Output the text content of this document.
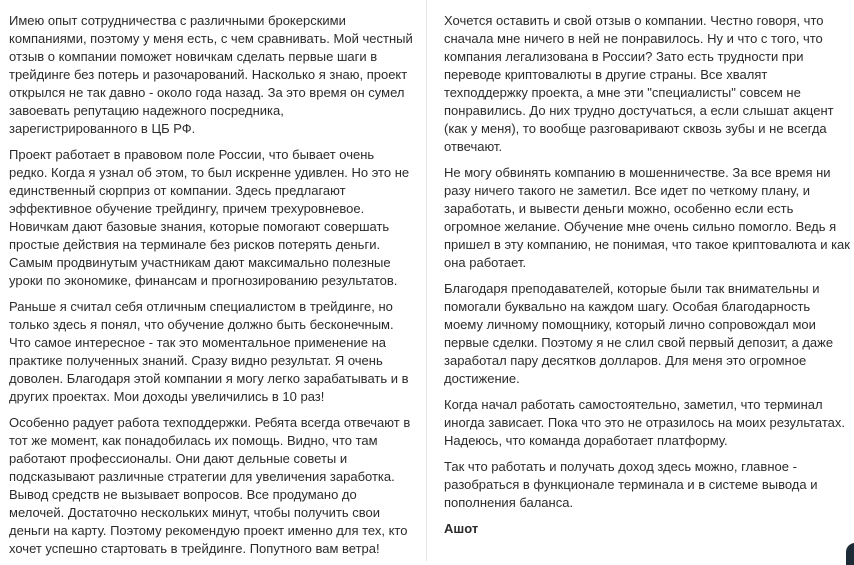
Имею опыт сотрудничества с различными брокерскими компаниями, поэтому у меня есть, с чем сравнивать. Мой честный отзыв о компании поможет новичкам сделать первые шаги в трейдинге без потерь и разочарований. Насколько я знаю, проект открылся не так давно - около года назад. За это время он сумел завоевать репутацию надежного посредника, зарегистрированного в ЦБ РФ.

Проект работает в правовом поле России, что бывает очень редко. Когда я узнал об этом, то был искренне удивлен. Но это не единственный сюрприз от компании. Здесь предлагают эффективное обучение трейдингу, причем трехуровневое. Новичкам дают базовые знания, которые помогают совершать простые действия на терминале без рисков потерять деньги. Самым продвинутым участникам дают максимально полезные уроки по экономике, финансам и прогнозированию результатов.

Раньше я считал себя отличным специалистом в трейдинге, но только здесь я понял, что обучение должно быть бесконечным. Что самое интересное - так это моментальное применение на практике полученных знаний. Сразу видно результат. Я очень доволен. Благодаря этой компании я могу легко зарабатывать и в других проектах. Мои доходы увеличились в 10 раз!

Особенно радует работа техподдержки. Ребята всегда отвечают в тот же момент, как понадобилась их помощь. Видно, что там работают профессионалы. Они дают дельные советы и подсказывают различные стратегии для увеличения заработка. Вывод средств не вызывает вопросов. Все продумано до мелочей. Достаточно нескольких минут, чтобы получить свои деньги на карту. Поэтому рекомендую проект именно для тех, кто хочет успешно стартовать в трейдинге. Попутного вам ветра!

Хочется оставить и свой отзыв о компании. Честно говоря, что сначала мне ничего в ней не понравилось. Ну и что с того, что компания легализована в России? Зато есть трудности при переводе криптовалюты в другие страны. Все хвалят техподдержку проекта, а мне эти "специалисты" совсем не понравились. До них трудно достучаться, а если слышат акцент (как у меня), то вообще разговаривают сквозь зубы и не всегда отвечают.

Не могу обвинять компанию в мошенничестве. За все время ни разу ничего такого не заметил. Все идет по четкому плану, и заработать, и вывести деньги можно, особенно если есть огромное желание. Обучение мне очень сильно помогло. Ведь я пришел в эту компанию, не понимая, что такое криптовалюта и как она работает.

Благодаря преподавателей, которые были так внимательны и помогали буквально на каждом шагу. Особая благодарность моему личному помощнику, который лично сопровождал мои первые сделки. Поэтому я не слил свой первый депозит, а даже заработал пару десятков долларов. Для меня это огромное достижение.

Когда начал работать самостоятельно, заметил, что терминал иногда зависает. Пока что это не отразилось на моих результатах. Надеюсь, что команда доработает платформу.

Так что работать и получать доход здесь можно, главное - разобраться в функционале терминала и в системе вывода и пополнения баланса.

Ашот
